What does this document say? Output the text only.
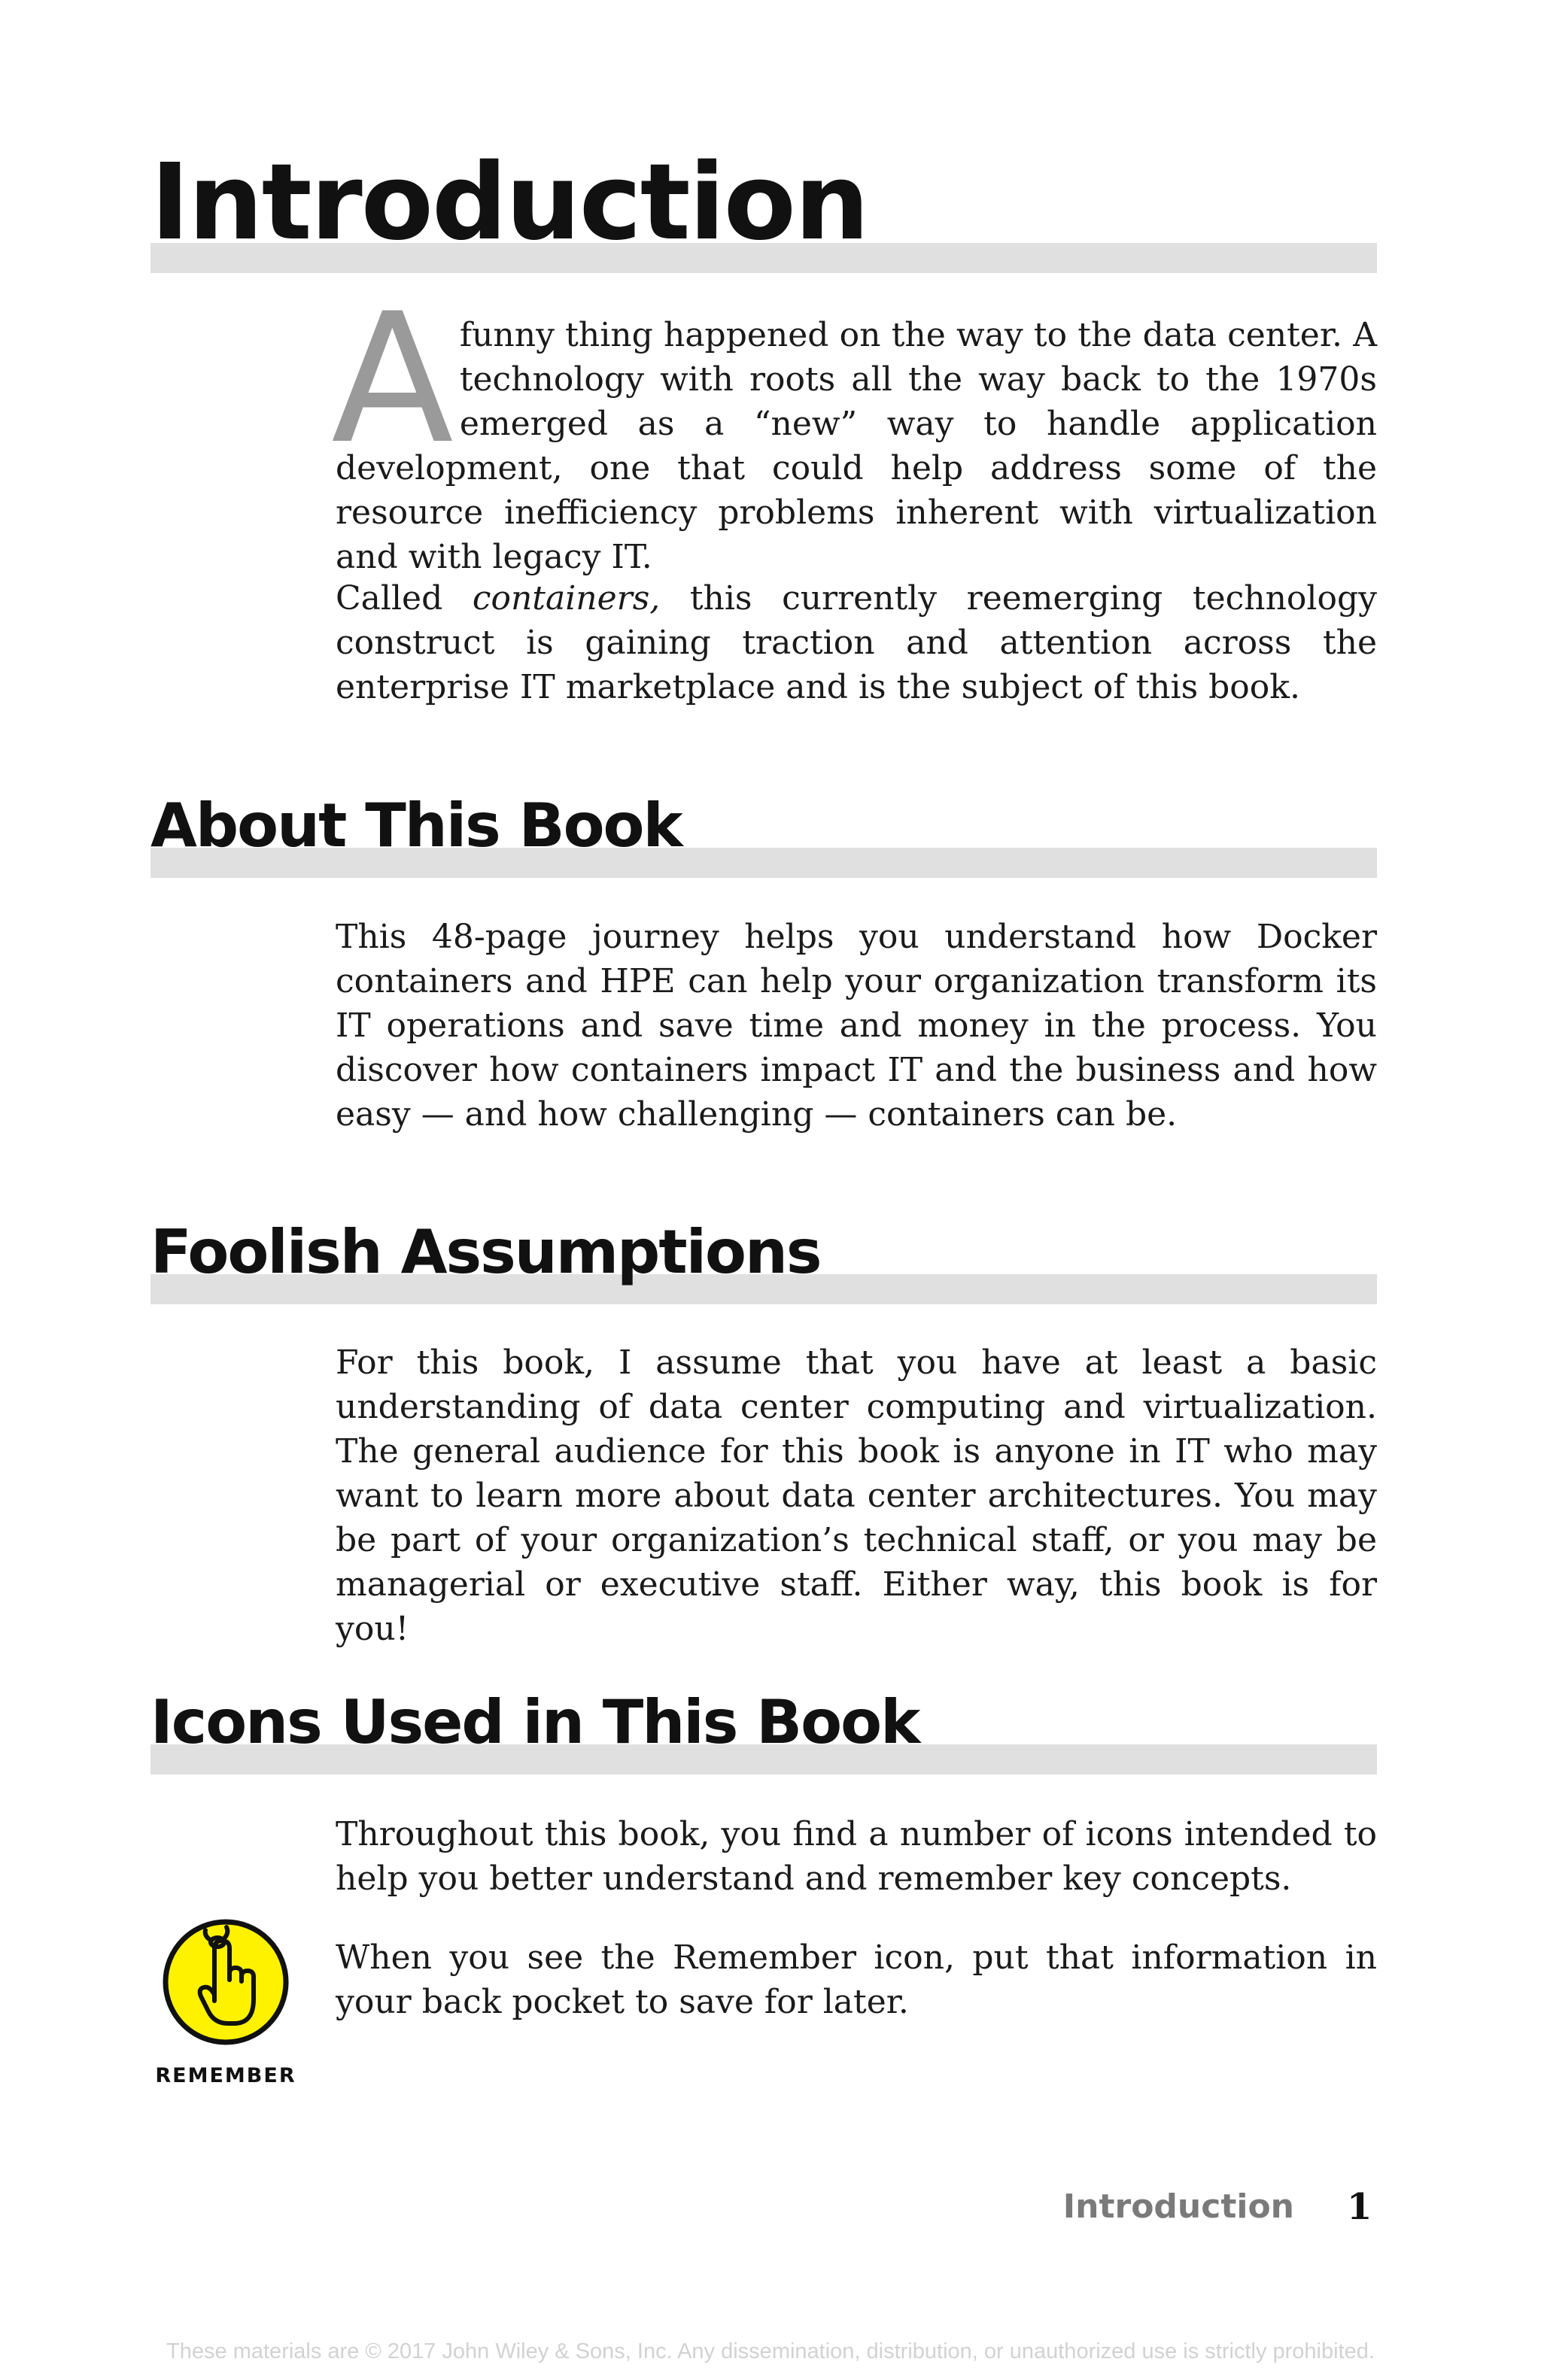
Introduction

A funny thing happened on the way to the data center. A technology with roots all the way back to the 1970s emerged as a “new” way to handle application development, one that could help address some of the resource inefficiency problems inherent with virtualization and with legacy IT.

Called containers, this currently reemerging technology construct is gaining traction and attention across the enterprise IT marketplace and is the subject of this book.

About This Book

This 48-page journey helps you understand how Docker containers and HPE can help your organization transform its IT operations and save time and money in the process. You discover how containers impact IT and the business and how easy — and how challenging — containers can be.

Foolish Assumptions

For this book, I assume that you have at least a basic understanding of data center computing and virtualization. The general audience for this book is anyone in IT who may want to learn more about data center architectures. You may be part of your organization’s technical staff, or you may be managerial or executive staff. Either way, this book is for you!

Icons Used in This Book

Throughout this book, you find a number of icons intended to help you better understand and remember key concepts.

When you see the Remember icon, put that information in your back pocket to save for later.

REMEMBER
Introduction 1
These materials are © 2017 John Wiley & Sons, Inc. Any dissemination, distribution, or unauthorized use is strictly prohibited.
